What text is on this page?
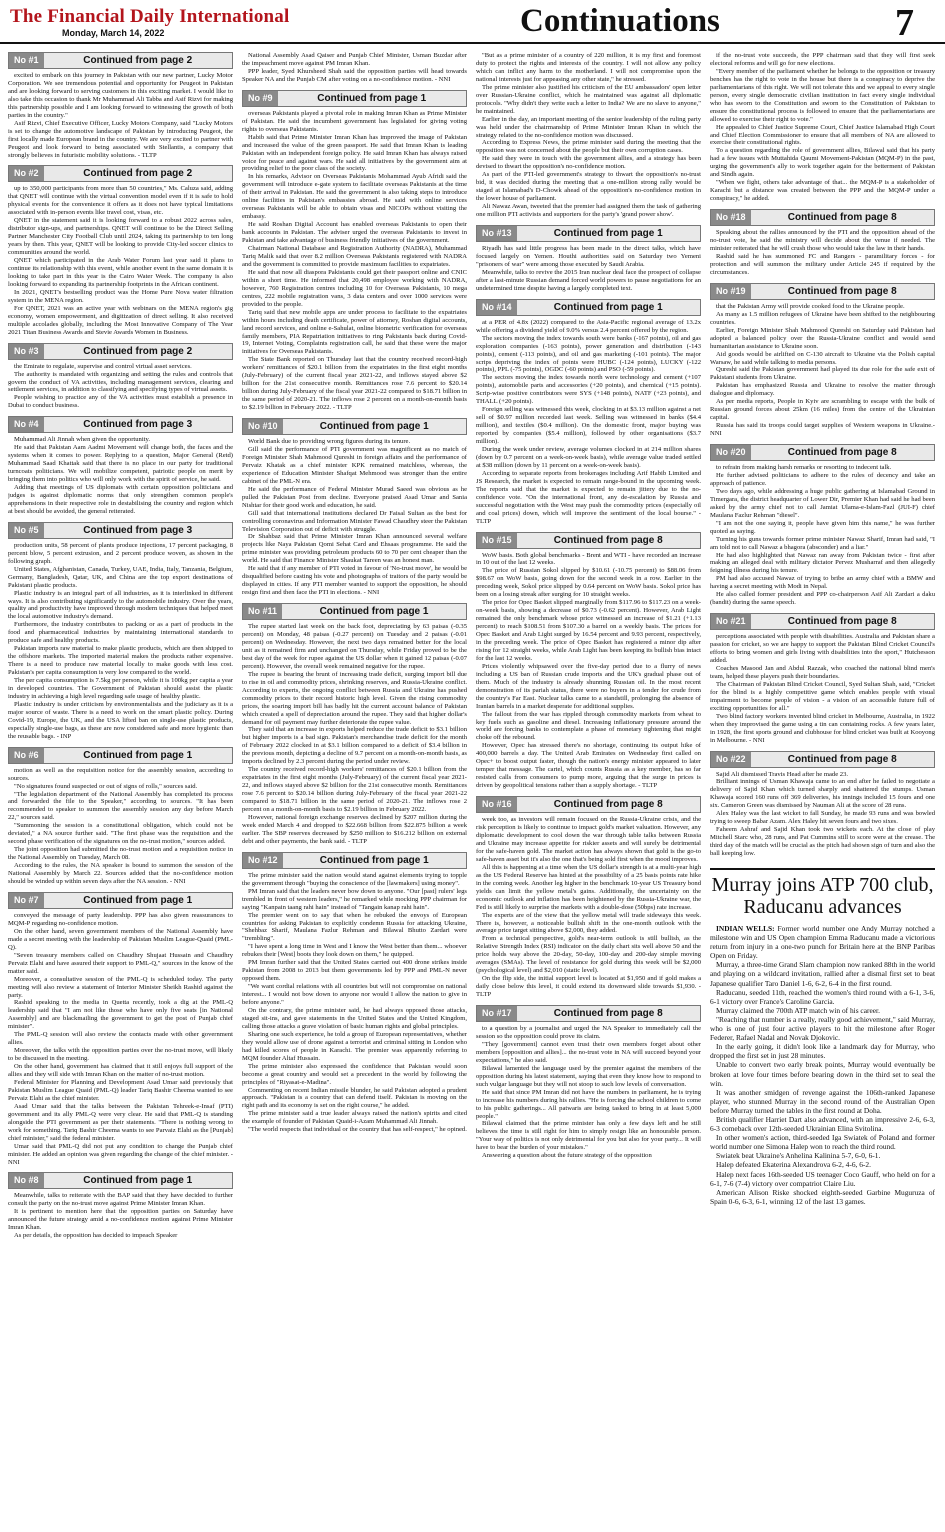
The Financial Daily International
Monday, March 14, 2022	Continuations	7
No #1	Continued from page 2

excited to embark on this journey in Pakistan with our new partner, Lucky Motor Corporation. We see tremendous potential and opportunity for Peugeot in Pakistan and are looking forward to serving customers in this exciting market. I would like to also take this occasion to thank Mr Muhammad Ali Tabba and Asif Rizvi for making this partnership possible and I am looking forward to witnessing the growth of both parties in the country."

Asif Rizvi, Chief Executive Officer, Lucky Motors Company, said "Lucky Motors is set to change the automotive landscape of Pakistan by introducing Peugeot, the first locally made European brand in the country. We are very excited to partner with Peugeot and look forward to being associated with Stellantis, a company that strongly believes in futuristic mobility solutions. - TLTP

No #2	Continued from page 2

up to 350,000 participants from more than 50 countries," Ms. Caluza said, adding that QNET will continue with the virtual convention model even if it is safe to hold physical events for the convenience it offers as it does not have typical limitations associated with in-person events like travel cost, visas, etc.

QNET in the statement said it is looking forward to a robust 2022 across sales, distributor sign-ups, and partnerships. QNET will continue to be the Direct Selling Partner Manchester City Football Club until 2024, taking its partnership to ten long years by then. This year, QNET will be looking to provide City-led soccer clinics to communities around the world.

QNET which participated in the Arab Water Forum last year said it plans to continue its relationship with this event, while another event in the same domain it is looking to take part in this year is the Cairo Water Week. The company is also looking forward to expanding its partnership footprints in the African continent.

In 2021, QNET's bestselling product was the Home Pure Nova water filtration system in the MENA region.

For QNET, 2021 was an active year with webinars on the MENA region's gig economy, women empowerment, and digitization of direct selling. It also received multiple accolades globally, including the Most Innovative Company of The Year 2021 Titan Business Awards and Stevie Awards Women in Business.

No #3	Continued from page 2

the Emirate to regulate, supervise and control virtual asset services.

The authority is mandated with organizing and setting the rules and controls that govern the conduct of VA activities, including management services, clearing and settlement services, in addition to classifying and specifying types of virtual assets.

People wishing to practice any of the VA activities must establish a presence in Dubai to conduct business.

No #4	Continued from page 3

Muhammad Ali Jinnah when given the opportunity.

He said that Pakistan Aam Aadmi Movement will change both, the faces and the systems when it comes to power. Replying to a question, Major General (Retd) Muhammad Saad Khattak said that there is no place in our party for traditional turncoats politicians. We will mobilize competent, patriotic people on merit by bringing them into politics who will only work with the spirit of service, he said.

Adding that meetings of US diplomats with certain opposition politicians and judges is against diplomatic norms that only strengthen common people's apprehensions in their respective role in destabilising the country and region which at best should be avoided, the general reiterated.

No #5	Continued from page 3

production units, 58 percent of plants produce injections, 17 percent packaging, 8 percent blow, 5 percent extrusion, and 2 percent produce woven, as shown in the following graph.

United States, Afghanistan, Canada, Turkey, UAE, India, Italy, Tanzania, Belgium, Germany, Bangladesh, Qatar, UK, and China are the top export destinations of Pakistani plastic products.

Plastic industry is an integral part of all industries, as it is interlinked in different ways. It is also contributing significantly to the automobile industry. Over the years, quality and productivity have improved through modern techniques that helped meet the local automotive industry's demand.

Furthermore, the industry contributes to packing or as a part of products in the food and pharmaceutical industries by maintaining international standards to produce safe and healthy products.

Pakistan imports raw material to make plastic products, which are then shipped to the offshore markets. The imported material makes the products rather expensive. There is a need to produce raw material locally to make goods with less cost. Pakistan's per capita consumption is very low compared to the world.

The per capita consumption is 7.5kg per person, while it is 100kg per capita a year in developed countries. The Government of Pakistan should assist the plastic industry in achieving a high level regarding safe usage of healthy plastic.

Plastic industry is under criticism by environmentalists and the judiciary as it is a major source of waste. There is a need to work on the smart plastic policy. During Covid-19, Europe, the UK, and the USA lifted ban on single-use plastic products, especially single-use bags, as these are now considered safe and more hygienic than the reusable bags. - INP

No #6	Continued from page 1

motion as well as the requisition notice for the assembly session, according to sources.

"No signatures found suspected or out of signs of rolls," sources said.

"The legislation department of the National Assembly has completed its process and forwarded the file to the Speaker," according to sources. "It has been recommended to speaker to summon the assembly session any day before March 22," sources said.

"Summoning the session is a constitutional obligation, which could not be deviated," a NA source further said. "The first phase was the requisition and the second phase verification of the signatures on the no-trust motion," sources added.

The joint opposition had submitted the no-trust motion and a requisition notice in the National Assembly on Tuesday, March 08.

According to the rules, the NA speaker is bound to summon the session of the National Assembly by March 22. Sources added that the no-confidence motion should be winded up within seven days after the NA session. - NNI

No #7	Continued from page 1

conveyed the message of party leadership. PPP has also given reassurances to MQM-P regarding no-confidence motion.

On the other hand, seven government members of the National Assembly have made a secret meeting with the leadership of Pakistan Muslim League-Quaid (PML-Q).

"Seven treasury members called on Chaudhry Shujaat Hussain and Chaudhry Pervaiz Elahi and have assured their support to PML-Q," sources in the know of the matter said.

Moreover, a consultative session of the PML-Q is scheduled today. The party meeting will also review a statement of Interior Minister Sheikh Rashid against the party.

Rashid speaking to the media in Quetta recently, took a dig at the PML-Q leadership said that "I am not like those who have only five seats [in National Assembly] and are blackmailing the government to get the post of Punjab chief minister".

The PML-Q session will also review the contacts made with other government allies.

Moreover, the talks with the opposition parties over the no-trust move, will likely to be discussed in the meeting.

On the other hand, government has claimed that it still enjoys full support of the allies and they will side with Imran Khan on the matter of no-trust motion.

Federal Minister for Planning and Development Asad Umar said previously that Pakistan Muslim League Quaid (PML-Q) leader Tariq Bashir Cheema wanted to see Pervaiz Elahi as the chief minister.

Asad Umar said that the talks between the Pakistan Tehreek-e-Insaf (PTI) government and its ally PML-Q were very clear. He said that PML-Q is standing alongside the PTI government as per their statements. "There is nothing wrong to work for something. Tariq Bashir Cheema wants to see Parvaiz Elahi as the [Punjab] chief minister," said the federal minister.

Umar said that PML-Q did not put any condition to change the Punjab chief minister. He added an opinion was given regarding the change of the chief minister. - NNI

No #8	Continued from page 1

Meanwhile, talks to reiterate with the BAP said that they have decided to further consult the party on the no-trust move against Prime Minister Imran Khan.

It is pertinent to mention here that the opposition parties on Saturday have announced the future strategy amid a no-confidence motion against Prime Minister Imran Khan.

As per details, the opposition has decided to impeach Speaker

National Assembly Asad Qaiser and Punjab Chief Minister, Usman Buzdar after the impeachment move against PM Imran Khan.

PPP leader, Syed Khursheed Shah said the opposition parties will head towards Speaker NA and the Punjab CM after voting on a no-confidence motion. - NNI

No #9	Continued from page 1

overseas Pakistanis played a pivotal role in making Imran Khan as Prime Minister of Pakistan. He said the incumbent government has legislated for giving voting rights to overseas Pakistanis.

Habib said that Prime Minister Imran Khan has improved the image of Pakistan and increased the value of the green passport. He said that Imran Khan is leading Pakistan with an independent foreign policy. He said Imran Khan has always raised voice for peace and against wars. He said all initiatives by the government aim at providing relief to the poor class of the society.

In his remarks, Advisor on Overseas Pakistanis Mohammad Ayub Afridi said the government will introduce e-gate system to facilitate overseas Pakistanis at the time of their arrival in Pakistan. He said the government is also taking steps to introduce online facilities in Pakistan's embassies abroad. He said with online services overseas Pakistanis will be able to obtain visas and NICOPs without visiting the embassy.

He said Roshan Digital Account has enabled overseas Pakistanis to open their bank accounts in Pakistan. The adviser urged the overseas Pakistanis to invest in Pakistan and take advantage of business friendly initiatives of the government.

Chairman National Database and Registration Authority (NADRA), Muhammad Tariq Malik said that over 8.2 million Overseas Pakistanis registered with NADRA and the government is committed to provide maximum facilities to expatriates.

He said that now all diaspora Pakistanis could get their passport online and CNIC within a short time. He informed that 20,498 employee working with NADRA, however, 760 Registration centres including 10 for Overseas Pakistanis, 10 mega centres, 222 mobile registration vans, 3 data centers and over 1000 services were provided to the people.

Tariq said that new mobile apps are under process to facilitate to the expatriates within hours including death certificate, power of attorney, Roshan digital accounts, land record services, and online e-Sahulat, online biometric verification for overseas family members, PIA Repatriation initiatives to ring Pakistanis back during Covid-19, Internet Voting, Complaints registration call, he said that these were the major initiatives for Overseas Pakistanis.

The State Bank reported on Thursday last that the country received record-high workers' remittances of $20.1 billion from the expatriates in the first eight months (July-February) of the current fiscal year 2021-22, and inflows stayed above $2 billion for the 21st consecutive month. Remittances rose 7.6 percent to $20.14 billion during July-February of the fiscal year 2021-22 compared to $18.71 billion in the same period of 2020-21. The inflows rose 2 percent on a month-on-month basis to $2.19 billion in February 2022. - TLTP

No #10	Continued from page 1

World Bank due to providing wrong figures during its tenure.

Gill said the performance of PTI government was magnificent as no match of Foreign Minister Shah Mahmood Qureshi in foreign affairs and the performance of Pervaiz Khatak as a chief minister KPK remained matchless, whereas, the experience of Education Minister Shafqat Mehmood was stronger than the entire cabinet of the PML-N era.

He said the performance of Federal Minister Murad Saeed was obvious as he pulled the Pakistan Post from decline. Everyone praised Asad Umar and Sania Nishtar for their good work and education, he said.

Gill said that international institutions declared Dr Faisal Sultan as the best for controlling coronavirus and Information Minister Fawad Chaudhry steer the Pakistan Television Corporation out of deficit with struggle.

Dr Shahbaz said that Prime Minister Imran Khan announced several welfare projects like Naya Pakistan Qomi Sehat Card and Ehsaas programme. He said the prime minister was providing petroleum products 60 to 70 per cent cheaper than the world. He said that Finance Minister Shaukat Tareen was an honest man.

He said that if any member of PTI voted in favour of 'No-trust move', he would be disqualified before casting his vote and photographs of traitors of the party would be displayed in cities. If any PTI member wanted to support the opposition, he should resign first and then face the PTI in elections. - NNI

No #11	Continued from page 1

The rupee started last week on the back foot, depreciating by 63 paisas (-0.35 percent) on Monday, 48 paisas (-0.27 percent) on Tuesday and 2 paisas (-0.01 percent) on Wednesday. However, the next two days remained better for the local unit as it remained firm and unchanged on Thursday, while Friday proved to be the best day of the week for rupee against the US dollar when it gained 12 paisas (-0.07 percent). However, the overall week remained negative for the rupee.

The rupee is bearing the brunt of increasing trade deficit, surging import bill due to rise in oil and commodity prices, shrinking reserves, and Russia-Ukraine conflict. According to experts, the ongoing conflict between Russia and Ukraine has pushed commodity prices to their record historic high level. Given the rising commodity prices, the soaring import bill has badly hit the current account balance of Pakistan which created a spell of depreciation around the rupee. They said that higher dollar's demand for oil payment may further deteriorate the rupee value.

They said that an increase in exports helped reduce the trade deficit to $3.1 billion but higher imports is a bad sign. Pakistan's merchandise trade deficit for the month of February 2022 clocked in at $3.1 billion compared to a deficit of $3.4 billion in the previous month, depicting a decline of 9.7 percent on a month-on-month basis, as imports declined by 2.3 percent during the period under review.

The country received record-high workers' remittances of $20.1 billion from the expatriates in the first eight months (July-February) of the current fiscal year 2021-22, and inflows stayed above $2 billion for the 21st consecutive month. Remittances rose 7.6 percent to $20.14 billion during July-February of the fiscal year 2021-22 compared to $18.71 billion in the same period of 2020-21. The inflows rose 2 percent on a month-on-month basis to $2.19 billion in February 2022.

However, national foreign exchange reserves declined by $207 million during the week ended March 4 and dropped to $22.668 billion from $22.875 billion a week earlier. The SBP reserves decreased by $250 million to $16.212 billion on external debt and other payments, the bank said. - TLTP

No #12	Continued from page 1

The prime minister said the nation would stand against elements trying to topple the government through "buying the conscience of the [lawmakers] using money".

PM Imran said that the leaders never bow down to anyone. "Our [past] rulers' legs trembled in front of western leaders," he remarked while mocking PPP chairman for saying "Kanpain taang rahi hain" instead of "Tangain kanap rahi hain".

The premier went on to say that when he rebuked the envoys of European countries for asking Pakistan to explicitly condemn Russia for attacking Ukraine, "Shehbaz Sharif, Maulana Fazlur Rehman and Bilawal Bhutto Zardari were "trembling".

"I have spent a long time in West and I know the West better than them... whoever rebukes their [West] boots they look down on them," he quipped.

PM Imran further said that the United States carried out 400 drone strikes inside Pakistan from 2008 to 2013 but them governments led by PPP and PML-N never opposed them.

"We want cordial relations with all countries but will not compromise on national interest... I would not bow down to anyone nor would I allow the nation to give in before anyone."

On the contrary, the prime minister said, he had always opposed those attacks, staged sit-ins, and gave statements in the United States and the United Kingdom, calling those attacks a grave violation of basic human rights and global principles.

Sharing one such experience, he told a group of European representatives, whether they would allow use of drone against a terrorist and criminal sitting in London who had killed scores of people in Karachi. The premier was apparently referring to MQM founder Altaf Hussain.

The prime minister also expressed the confidence that Pakistan would soon become a great country and would set a precedent in the world by following the principles of "Riyasat-e-Madina".

Commenting on recent Indian missile blunder, he said Pakistan adopted a prudent approach. "Pakistan is a country that can defend itself. Pakistan is moving on the right path and its economy is set on the right course," he added.

The prime minister said a true leader always raised the nation's spirits and cited the example of founder of Pakistan Quaid-i-Azam Muhammad Ali Jinnah.

"The world respects that individual or the country that has self-respect," he opined.

"But as a prime minister of a country of 220 million, it is my first and foremost duty to protect the rights and interests of the country. I will not allow any policy which can inflict any harm to the motherland. I will not compromise upon the national interests just for appeasing any other state," he stressed.

The prime minister also justified his criticism of the EU ambassadors' open letter over Russian-Ukraine conflict, which he maintained was against all diplomatic protocols. "Why didn't they write such a letter to India? We are no slave to anyone," he maintained.

Earlier in the day, an important meeting of the senior leadership of the ruling party was held under the chairmanship of Prime Minister Imran Khan in which the strategy related to the no-confidence motion was discussed.

According to Express News, the prime minister said during the meeting that the opposition was not concerned about the people but their own corruption cases.

He said they were in touch with the government allies, and a strategy has been devised to thwart the opposition's no-confidence motion.

As part of the PTI-led government's strategy to thwart the opposition's no-trust bid, it was decided during the meeting that a one-million strong rally would be staged at Islamabad's D-Chowk ahead of the opposition's no-confidence motion in the lower house of parliament.

Ali Nawaz Awan, tweeted that the premier had assigned them the task of gathering one million PTI activists and supporters for the party's 'grand power show'.

No #13	Continued from page 1

Riyadh has said little progress has been made in the direct talks, which have focused largely on Yemen. Houthi authorities said on Saturday two Yemeni "prisoners of war" were among those executed by Saudi Arabia.

Meanwhile, talks to revive the 2015 Iran nuclear deal face the prospect of collapse after a last-minute Russian demand forced world powers to pause negotiations for an undetermined time despite having a largely completed text.

No #14	Continued from page 1

at a PER of 4.8x (2022) compared to the Asia-Pacific regional average of 13.2x while offering a dividend yield of 9.0% versus 2.4 percent offered by the region.

The sectors moving the index towards south were banks (-167 points), oil and gas exploration companies (-163 points), power generation and distribution (-143 points), cement (-113 points), and oil and gas marketing (-101 points). The major scrips depriving the index of points were HUBC (-124 points), LUCKY (-122 points), PPL (-75 points), OGDC (-60 points) and PSO (-59 points).

The sectors moving the index towards north were technology and cement (+107 points), automobile parts and accessories (+20 points), and chemical (+15 points). Scrip-wise positive contributors were SYS (+148 points), NATF (+23 points), and THALL (+20 points).

Foreign selling was witnessed this week, clocking in at $3.13 million against a net sell of $0.97 million recorded last week. Selling was witnessed in banks ($4.4 million), and textiles ($0.4 million). On the domestic front, major buying was reported by companies ($5.4 million), followed by other organisations ($3.7 million).

During the week under review, average volumes clocked in at 214 million shares (down by 0.7 percent on a week-on-week basis), while average value traded settled at $38 million (down by 11 percent on a week-on-week basis).

According to separate reports from brokerages including Arif Habib Limited and JS Research, the market is expected to remain range-bound in the upcoming week. The reports said that the market is expected to remain jittery due to the no-confidence vote. "On the international front, any de-escalation by Russia and successful negotiation with the West may push the commodity prices (especially oil and coal prices) down, which will improve the sentiment of the local bourse." - TLTP

No #15	Continued from page 8

WoW basis. Both global benchmarks - Brent and WTI - have recorded an increase in 10 out of the last 12 weeks.

The price of Russian Sokol slipped by $10.61 (-10.75 percent) to $88.06 from $98.67 on WoW basis, going down for the second week in a row. Earlier in the preceding week, Sokol price slipped by 0.64 percent on WoW basis. Sokol price has been on a losing streak after surging for 10 straight weeks.

The price for Opec Basket slipped marginally from $117.96 to $117.23 on a week-on-week basis, showing a decrease of $0.73 (-0.62 percent). However, Arab Light remained the only benchmark whose price witnessed an increase of $1.21 (+1.13 percent) to reach $108.51 from $107.30 a barrel on a weekly basis. The prices for Opec Basket and Arab Light surged by 16.54 percent and 9.93 percent, respectively, in the preceding week. The price of Opec Basket has registered a minor dip after rising for 12 straight weeks, while Arab Light has been keeping its bullish bias intact for the last 12 weeks.

Prices violently whipsawed over the five-day period due to a flurry of news including a US ban of Russian crude imports and the UK's gradual phase out of them. Much of the industry is already shunning Russian oil. In the most recent demonstration of its pariah status, there were no buyers in a tender for crude from the country's Far East. Nuclear talks came to a standstill, prolonging the absence of Iranian barrels in a market desperate for additional supplies.

The fallout from the war has rippled through commodity markets from wheat to key fuels such as gasoline and diesel. Increasing inflationary pressure around the world are forcing banks to contemplate a phase of monetary tightening that might choke off the rebound.

However, Opec has stressed there's no shortage, continuing its output hike of 400,000 barrels a day. The United Arab Emirates on Wednesday first called on Opec+ to boost output faster, though the nation's energy minister appeared to later temper that message. The cartel, which counts Russia as a key member, has so far resisted calls from consumers to pump more, arguing that the surge in prices is driven by geopolitical tensions rather than a supply shortage. - TLTP

No #16	Continued from page 8

week too, as investors will remain focused on the Russia-Ukraine crisis, and the risk perception is likely to continue to impact gold's market valuation. However, any diplomatic development to cool down the war through table talks between Russia and Ukraine may increase appetite for riskier assets and will surely be detrimental for the safe-haven gold. The market action has always shown that gold is the go-to safe-haven asset but it's also the one that's being sold first when the mood improves.

All this is happening at a time when the US dollar's strength is at a multi-year high as the US Federal Reserve has hinted at the possibility of a 25 basis points rate hike in the coming week. Another leg higher in the benchmark 10-year US Treasury bond yields can limit the yellow metal's gains. Additionally, the uncertainty on the economic outlook and inflation has been heightened by the Russia-Ukraine war, the Fed is still likely to surprise the markets with a double-dose (50bps) rate increase.

The experts are of the view that the yellow metal will trade sideways this week. There is, however, a noticeable bullish shift in the one-month outlook with the average price target sitting above $2,000, they added.

From a technical perspective, gold's near-term outlook is still bullish, as the Relative Strength Index (RSI) indicator on the daily chart sits well above 50 and the price holds way above the 20-day, 50-day, 100-day and 200-day simple moving averages (SMAs). The level of resistance for gold during this week will be $2,000 (psychological level) and $2,010 (static level).

On the flip side, the initial support level is located at $1,950 and if gold makes a daily close below this level, it could extend its downward slide towards $1,930. - TLTP

No #17	Continued from page 8

to a question by a journalist and urged the NA Speaker to immediately call the session so the opposition could prove its claim.

"They [government] cannot even trust their own members forget about other members [opposition and allies]... the no-trust vote in NA will succeed beyond your expectations," he also said.

Bilawal lamented the language used by the premier against the members of the opposition during his latest statement, saying that even they know how to respond to such vulgar language but they will not stoop to such low levels of conversation.

He said that since PM Imran did not have the numbers in parliament, he is trying to increase his numbers during his rallies. "He is forcing the school children to come to his public gatherings... All patwaris are being tasked to bring in at least 5,000 people."

Bilawal claimed that the prime minister has only a few days left and he still believes the time is still right for him to simply resign like an honourable person. "Your way of politics is not only detrimental for you but also for your party... It will have to bear the burden of your mistakes."

Answering a question about the future strategy of the opposition

if the no-trust vote succeeds, the PPP chairman said that they will first seek electoral reforms and will go for new elections.

"Every member of the parliament whether he belongs to the opposition or treasury benches has the right to vote in the house but there is a conspiracy to deprive the parliamentarians of this right. We will not tolerate this and we appeal to every single person, every single democratic civilian institution in fact every single individual who has sworn to the Constitution and sworn to the Constitution of Pakistan to ensure the constitutional process is followed to ensure that the parliamentarians are allowed to exercise their right to vote."

He appealed to Chief Justice Supreme Court, Chief Justice Islamabad High Court and Chief Election Commissioner to ensure that all members of NA are allowed to exercise their constitutional rights.

To a question regarding the role of government allies, Bilawal said that his party had a few issues with Muttahida Qaumi Movement-Pakistan (MQM-P) in the past, urging the government's ally to work together again for the betterment of Pakistan and Sindh again.

"When we fight, others take advantage of that... the MQM-P is a stakeholder of Karachi but a distance was created between the PPP and the MQM-P under a conspiracy," he added.

No #18	Continued from page 8

Speaking about the rallies announced by the PTI and the opposition ahead of the no-trust vote, he said the ministry will decide about the venue if needed. The minister reiterated that he will crush those who would take the law in their hands.

Rashid said he has summoned FC and Rangers - paramilitary forces - for protection and will summon the military under Article 245 if required by the circumstances.

No #19	Continued from page 8

that the Pakistan Army will provide cooked food to the Ukraine people.

As many as 1.5 million refugees of Ukraine have been shifted to the neighbouring countries.

Earlier, Foreign Minister Shah Mahmood Qureshi on Saturday said Pakistan had adopted a balanced policy over the Russia-Ukraine conflict and would send humanitarian assistance to Ukraine soon.

Aid goods would be airlifted on C-130 aircraft to Ukraine via the Polish capital Warsaw, he said while talking to media persons.

Qureshi said the Pakistan government had played its due role for the safe exit of Pakistani students from Ukraine.

Pakistan has emphasized Russia and Ukraine to resolve the matter through dialogue and diplomacy.

As per media reports, People in Kyiv are scrambling to escape with the bulk of Russian ground forces about 25km (16 miles) from the centre of the Ukrainian capital.

Russia has said its troops could target supplies of Western weapons in Ukraine.- NNI

No #20	Continued from page 8

to refrain from making harsh remarks or resorting to indecent talk.

He further advised politicians to adhere to the rules of decency and take an approach of patience.

Two days ago, while addressing a huge public gathering at Islamabad Ground in Timergara, the district headquarter of Lower Dir, Premier Khan had said he had been asked by the army chief not to call Jamiat Ulama-e-Islam-Fazl (JUI-F) chief Maulana Fazlur Rehman "diesel".

"I am not the one saying it, people have given him this name," he was further quoted as saying.

Turning his guns towards former prime minister Nawaz Sharif, Imran had said, "I am told not to call Nawaz a bhagora (absconder) and a liar."

He had also highlighted that Nawaz ran away from Pakistan twice - first after making an alleged deal with military dictator Pervez Musharraf and then allegedly feigning illness during his tenure.

PM had also accused Nawaz of trying to bribe an army chief with a BMW and having a secret meeting with Modi in Nepal.

He also called former president and PPP co-chairperson Asif Ali Zardari a daku (bandit) during the same speech.

No #21	Continued from page 8

perceptions associated with people with disabilities. Australia and Pakistan share a passion for cricket, so we are happy to support the Pakistan Blind Cricket Council's efforts to bring women and girls living with disabilities into the sport," Hutchesson added.

Coaches Masood Jan and Abdul Razzak, who coached the national blind men's team, helped these players push their boundaries.

The Chairman of Pakistan Blind Cricket Council, Syed Sultan Shah, said, "Cricket for the blind is a highly competitive game which enables people with visual impairment to become people of vision - a vision of an accessible future full of exciting opportunities for all."

Two blind factory workers invented blind cricket in Melbourne, Australia, in 1922 when they improvised the game using a tin can containing rocks. A few years later, in 1928, the first sports ground and clubhouse for blind cricket was built at Kooyong in Melbourne. - NNI

No #22	Continued from page 8

Sajid Ali dismissed Travis Head after he made 23.

Brilliant innings of Usman Khawaja came to an end after he failed to negotiate a delivery of Sajid Khan which turned sharply and shattered the stumps. Usman Khawaja scored 160 runs off 369 deliveries, his innings included 15 fours and one six. Cameron Green was dismissed by Nauman Ali at the score of 28 runs.

Alex Haley was the last wicket to fall Sunday, he made 93 runs and was bowled trying to sweep Babar Azam. Alex Haley hit seven fours and two sixes.

Faheem Ashraf and Sajid Khan took two wickets each. At the close of play Mitchell Starc who, 28 runs, and Pat Cummins still to score were at the crease. The third day of the match will be crucial as the pitch had shown sign of turn and also the ball keeping low.

Murray joins ATP 700 club, Raducanu advances

INDIAN WELLS: Former world number one Andy Murray notched a milestone win and US Open champion Emma Raducanu made a victorious return from injury in a one-two punch for Britain here at the BNP Paribas Open on Friday.

Murray, a three-time Grand Slam champion now ranked 88th in the world and playing on a wildcard invitation, rallied after a dismal first set to beat Japanese qualifier Taro Daniel 1-6, 6-2, 6-4 in the first round.

Raducanu, seeded 11th, reached the women's third round with a 6-1, 3-6, 6-1 victory over France's Caroline Garcia.

Murray claimed the 700th ATP match win of his career.

"Reaching that number is a really, really good achievement," said Murray, who is one of just four active players to hit the milestone after Roger Federer, Rafael Nadal and Novak Djokovic.

In the early going, it didn't look like a landmark day for Murray, who dropped the first set in just 28 minutes.

Unable to convert two early break points, Murray would eventually be broken at love four times before bearing down in the third set to seal the win.

It was another smidgen of revenge against the 106th-ranked Japanese player, who stunned Murray in the second round of the Australian Open before Murray turned the tables in the first round at Doha.

British qualifier Harriet Dart also advanced, with an impressive 2-6, 6-3, 6-3 comeback over 12th-seeded Ukrainian Elina Svitolina.

In other women's action, third-seeded Iga Swiatek of Poland and former world number one Simona Halep won to reach the third round.

Swiatek beat Ukraine's Anhelina Kalinina 5-7, 6-0, 6-1.

Halep defeated Ekaterina Alexandrova 6-2, 4-6, 6-2.

Halep next faces 16th-seeded US teenager Coco Gauff, who held on for a 6-1, 7-6 (7-4) victory over compatriot Claire Liu.

American Alison Riske shocked eighth-seeded Garbine Muguruza of Spain 0-6, 6-3, 6-1, winning 12 of the last 13 games.
